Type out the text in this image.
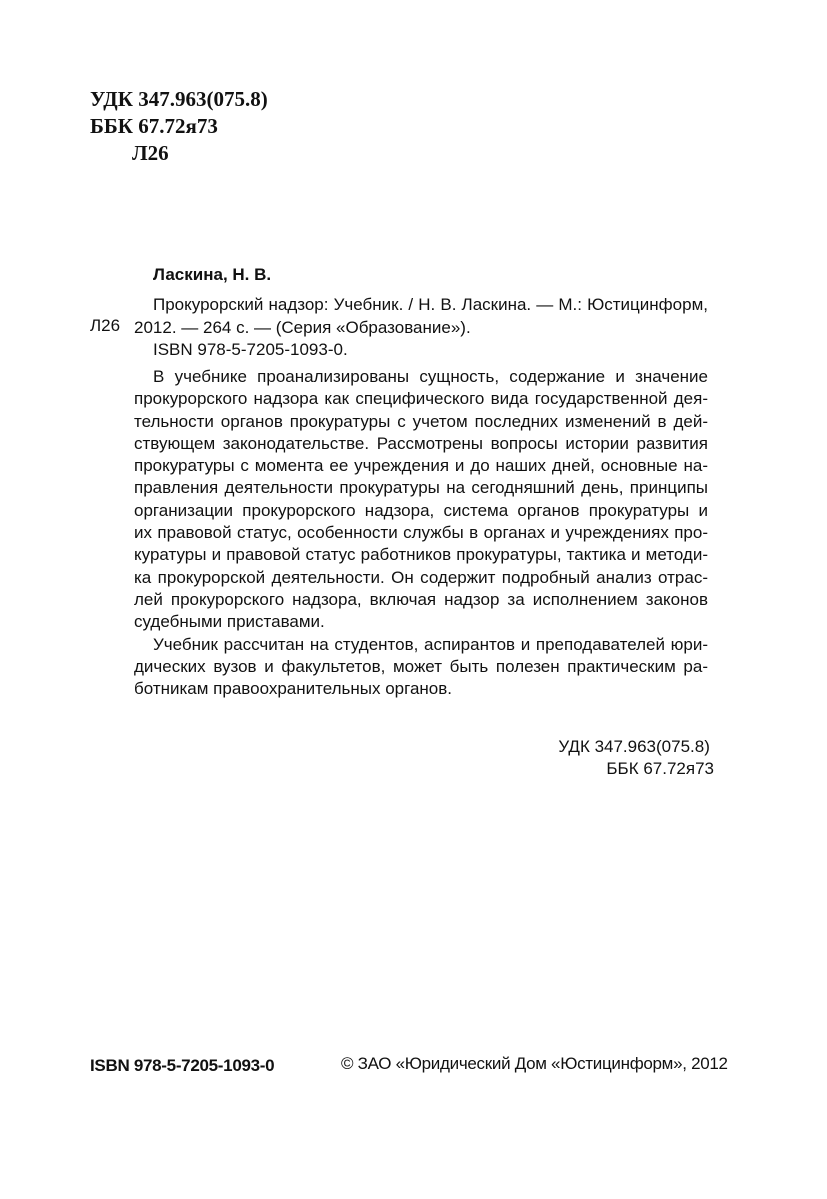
УДК 347.963(075.8)
ББК 67.72я73
Л26
Ласкина, Н. В.
Л26
Прокурорский надзор: Учебник. / Н. В. Ласкина. — М.: Юстицинформ,
2012. — 264 с. — (Серия «Образование»).
ISBN 978-5-7205-1093-0.
В учебнике проанализированы сущность, содержание и значение
прокурорского надзора как специфического вида государственной дея-
тельности органов прокуратуры с учетом последних изменений в дей-
ствующем законодательстве. Рассмотрены вопросы истории развития
прокуратуры с момента ее учреждения и до наших дней, основные на-
правления деятельности прокуратуры на сегодняшний день, принципы
организации прокурорского надзора, система органов прокуратуры и
их правовой статус, особенности службы в органах и учреждениях про-
куратуры и правовой статус работников прокуратуры, тактика и методи-
ка прокурорской деятельности. Он содержит подробный анализ отрас-
лей прокурорского надзора, включая надзор за исполнением законов
судебными приставами.
Учебник рассчитан на студентов, аспирантов и преподавателей юри-
дических вузов и факультетов, может быть полезен практическим ра-
ботникам правоохранительных органов.
УДК 347.963(075.8)
ББК 67.72я73
ISBN 978-5-7205-1093-0	© ЗАО «Юридический Дом «Юстицинформ», 2012
